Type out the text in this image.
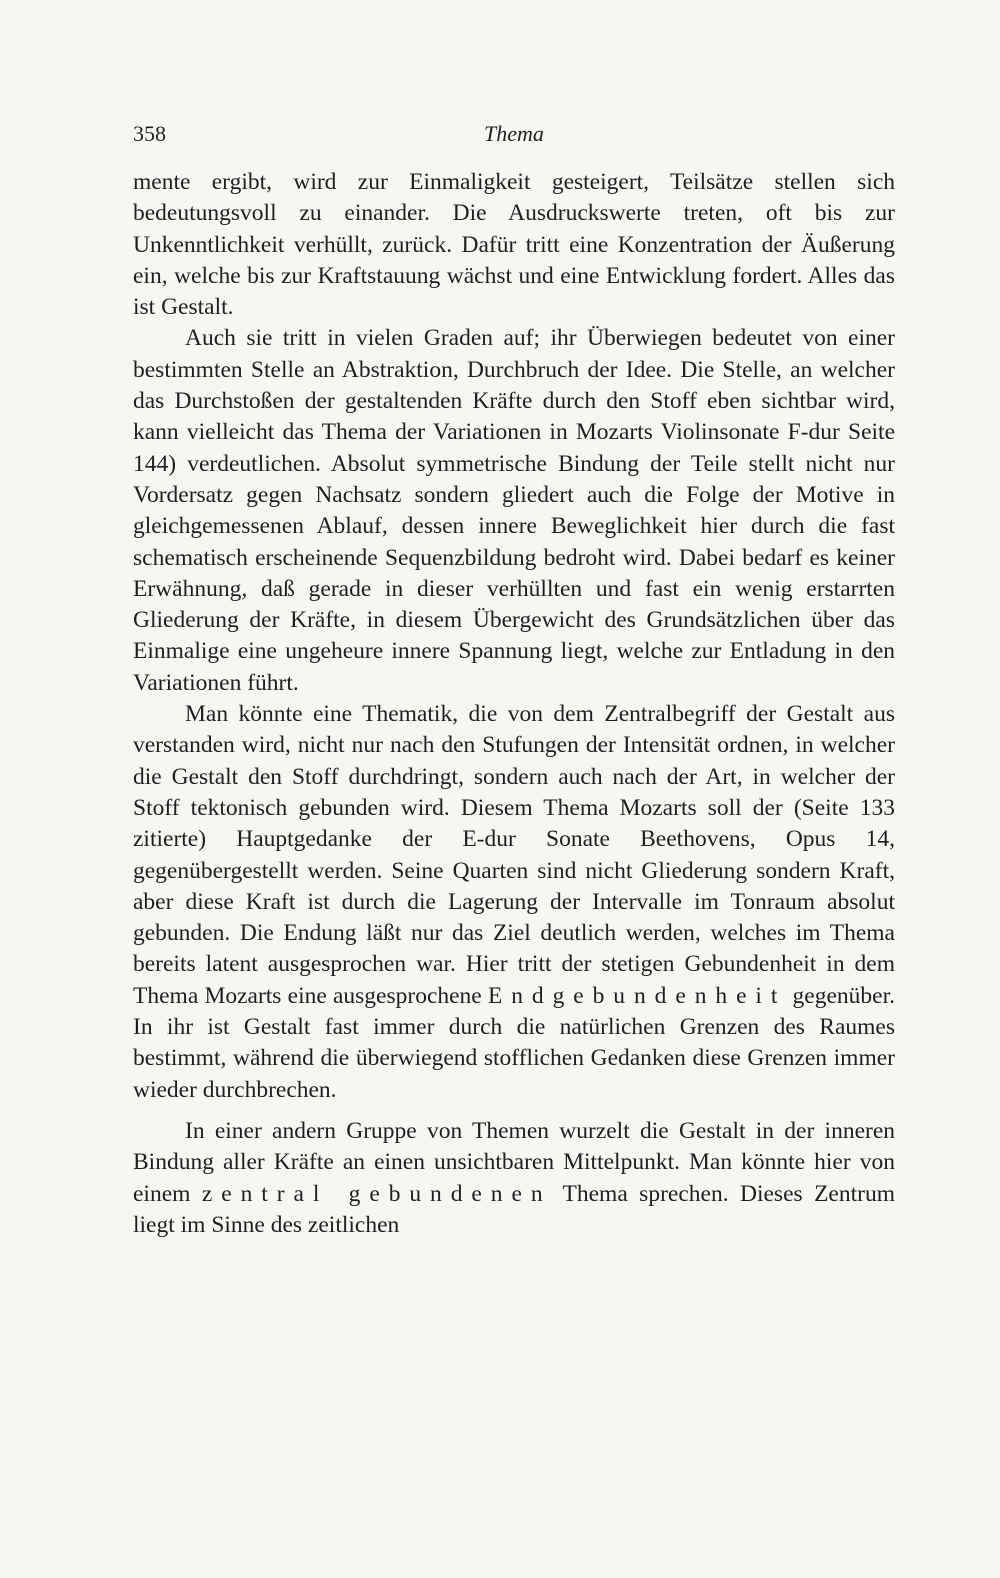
358	Thema

mente ergibt, wird zur Einmaligkeit gesteigert, Teilsätze stellen sich bedeutungsvoll zu einander. Die Ausdruckswerte treten, oft bis zur Unkenntlichkeit verhüllt, zurück. Dafür tritt eine Konzentration der Äußerung ein, welche bis zur Kraftstauung wächst und eine Entwicklung fordert. Alles das ist Gestalt.

Auch sie tritt in vielen Graden auf; ihr Überwiegen bedeutet von einer bestimmten Stelle an Abstraktion, Durchbruch der Idee. Die Stelle, an welcher das Durchstoßen der gestaltenden Kräfte durch den Stoff eben sichtbar wird, kann vielleicht das Thema der Variationen in Mozarts Violinsonate F-dur Seite 144) verdeutlichen. Absolut symmetrische Bindung der Teile stellt nicht nur Vordersatz gegen Nachsatz sondern gliedert auch die Folge der Motive in gleichgemessenen Ablauf, dessen innere Beweglichkeit hier durch die fast schematisch erscheinende Sequenzbildung bedroht wird. Dabei bedarf es keiner Erwähnung, daß gerade in dieser verhüllten und fast ein wenig erstarrten Gliederung der Kräfte, in diesem Übergewicht des Grundsätzlichen über das Einmalige eine ungeheure innere Spannung liegt, welche zur Entladung in den Variationen führt.

Man könnte eine Thematik, die von dem Zentralbegriff der Gestalt aus verstanden wird, nicht nur nach den Stufungen der Intensität ordnen, in welcher die Gestalt den Stoff durchdringt, sondern auch nach der Art, in welcher der Stoff tektonisch gebunden wird. Diesem Thema Mozarts soll der (Seite 133 zitierte) Hauptgedanke der E-dur Sonate Beethovens, Opus 14, gegenübergestellt werden. Seine Quarten sind nicht Gliederung sondern Kraft, aber diese Kraft ist durch die Lagerung der Intervalle im Tonraum absolut gebunden. Die Endung läßt nur das Ziel deutlich werden, welches im Thema bereits latent ausgesprochen war. Hier tritt der stetigen Gebundenheit in dem Thema Mozarts eine ausgesprochene Endgebundenheit gegenüber. In ihr ist Gestalt fast immer durch die natürlichen Grenzen des Raumes bestimmt, während die überwiegend stofflichen Gedanken diese Grenzen immer wieder durchbrechen.

In einer andern Gruppe von Themen wurzelt die Gestalt in der inneren Bindung aller Kräfte an einen unsichtbaren Mittelpunkt. Man könnte hier von einem zentral gebundenen Thema sprechen. Dieses Zentrum liegt im Sinne des zeitlichen
